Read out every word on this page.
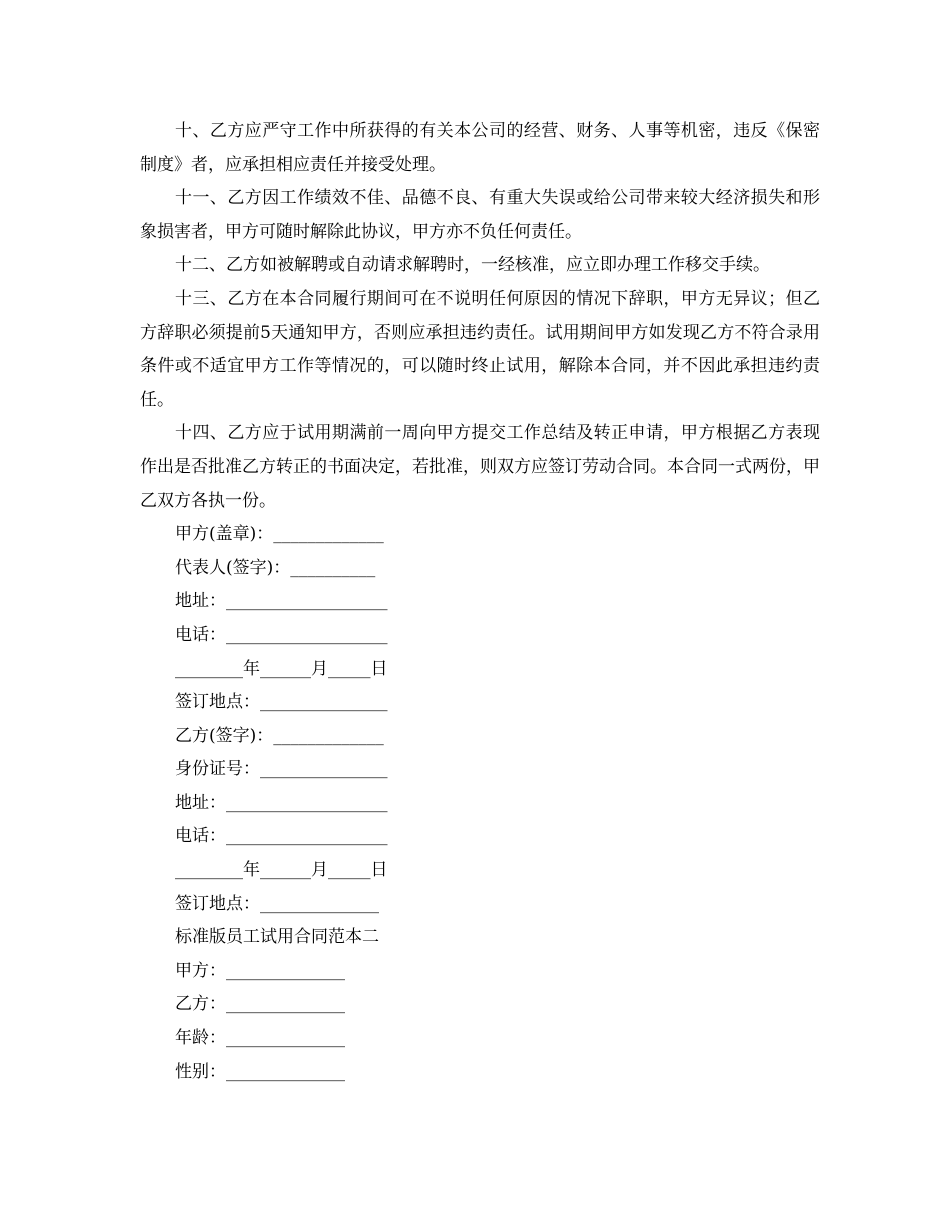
十、乙方应严守工作中所获得的有关本公司的经营、财务、人事等机密，违反《保密制度》者，应承担相应责任并接受处理。

十一、乙方因工作绩效不佳、品德不良、有重大失误或给公司带来较大经济损失和形象损害者，甲方可随时解除此协议，甲方亦不负任何责任。

十二、乙方如被解聘或自动请求解聘时，一经核准，应立即办理工作移交手续。

十三、乙方在本合同履行期间可在不说明任何原因的情况下辞职，甲方无异议；但乙方辞职必须提前5天通知甲方，否则应承担违约责任。试用期间甲方如发现乙方不符合录用条件或不适宜甲方工作等情况的，可以随时终止试用，解除本合同，并不因此承担违约责任。

十四、乙方应于试用期满前一周向甲方提交工作总结及转正申请，甲方根据乙方表现作出是否批准乙方转正的书面决定，若批准，则双方应签订劳动合同。本合同一式两份，甲乙双方各执一份。

甲方(盖章)：_____________
代表人(签字)：__________
地址：___________________
电话：___________________
________年______月_____日
签订地点：_______________
乙方(签字)：_____________
身份证号：_______________
地址：___________________
电话：___________________
________年______月_____日
签订地点：______________
标准版员工试用合同范本二
甲方：______________
乙方：______________
年龄：______________
性别：______________
